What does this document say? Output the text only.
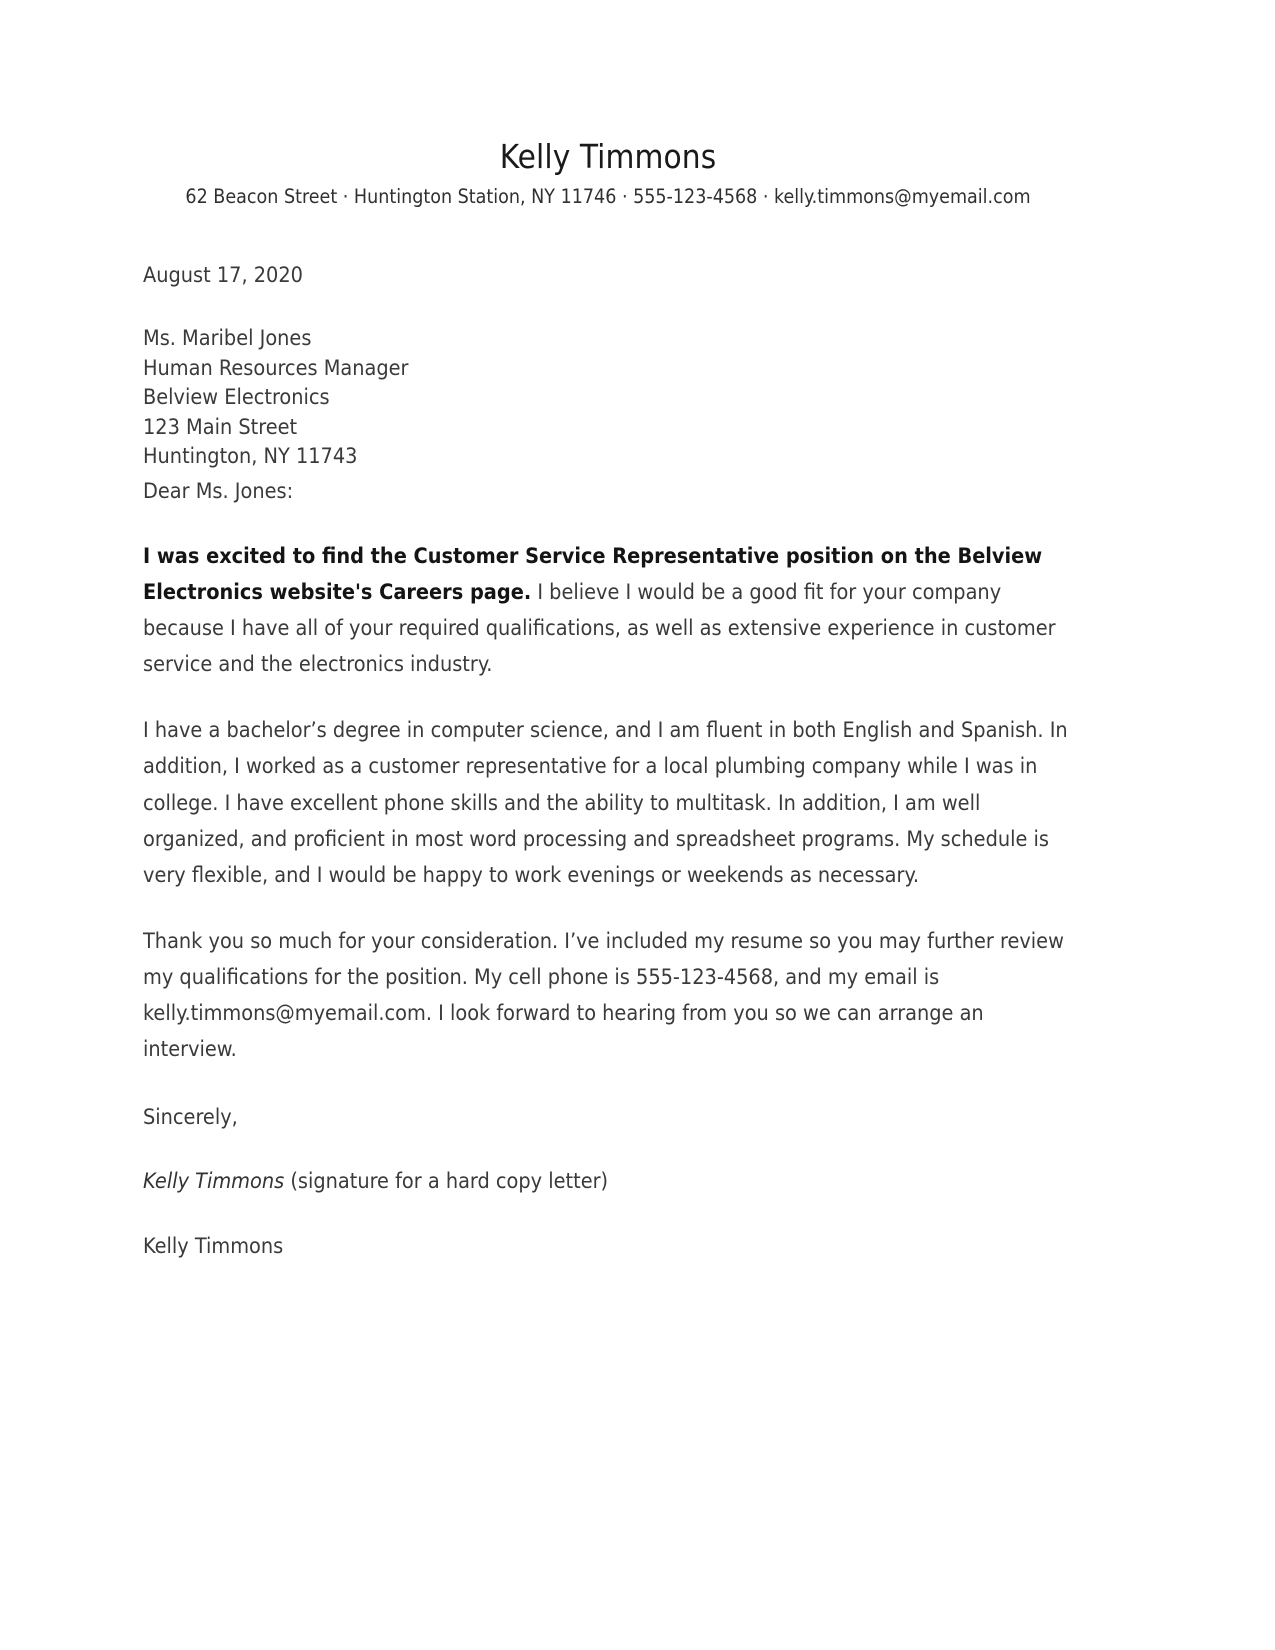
Kelly Timmons

62 Beacon Street · Huntington Station, NY 11746 · 555-123-4568 · kelly.timmons@myemail.com

August 17, 2020
Ms. Maribel Jones
Human Resources Manager
Belview Electronics
123 Main Street
Huntington, NY 11743
Dear Ms. Jones:

I was excited to find the Customer Service Representative position on the Belview Electronics website's Careers page. I believe I would be a good fit for your company because I have all of your required qualifications, as well as extensive experience in customer service and the electronics industry.

I have a bachelor’s degree in computer science, and I am fluent in both English and Spanish. In addition, I worked as a customer representative for a local plumbing company while I was in college. I have excellent phone skills and the ability to multitask. In addition, I am well organized, and proficient in most word processing and spreadsheet programs. My schedule is very flexible, and I would be happy to work evenings or weekends as necessary.

Thank you so much for your consideration. I’ve included my resume so you may further review my qualifications for the position. My cell phone is 555-123-4568, and my email is kelly.timmons@myemail.com. I look forward to hearing from you so we can arrange an interview.

Sincerely,
Kelly Timmons (signature for a hard copy letter)
Kelly Timmons
